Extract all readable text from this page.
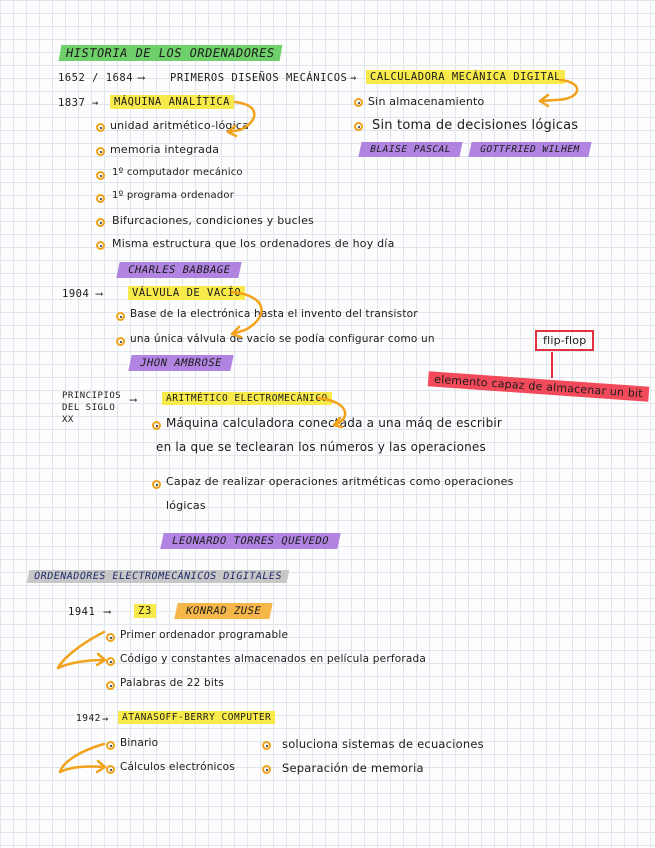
HISTORIA DE LOS ORDENADORES
1652 / 1684 ⟶ PRIMEROS DISEÑOS MECÁNICOS →	CALCULADORA MECÁNICA DIGITAL
Sin almacenamiento
Sin toma de decisiones lógicas
BLAISE PASCAL	GOTTFRIED WILHEM
1837 →	MÁQUINA ANALÍTICA
unidad aritmético-lógica
memoria integrada
1º computador mecánico
1º programa ordenador
Bifurcaciones, condiciones y bucles
Misma estructura que los ordenadores de hoy día
CHARLES BABBAGE
1904 ⟶	VÁLVULA DE VACÍO
Base de la electrónica hasta el invento del transistor
una única válvula de vacío se podía configurar como un	flip-flop
elemento capaz de almacenar un bit
JHON AMBROSE
PRINCIPIOS DEL SIGLO XX
⟶	ARITMÉTICO ELECTROMECÁNICO
Máquina calculadora conectada a una máq de escribir
en la que se teclearan los números y las operaciones
Capaz de realizar operaciones aritméticas como operaciones
lógicas
LEONARDO TORRES QUEVEDO
ORDENADORES ELECTROMECÁNICOS DIGITALES
1941 ⟶	Z3	KONRAD ZUSE
Primer ordenador programable
Código y constantes almacenados en película perforada
Palabras de 22 bits
1942 →	ATANASOFF-BERRY COMPUTER
Binario
Cálculos electrónicos
soluciona sistemas de ecuaciones
Separación de memoria
